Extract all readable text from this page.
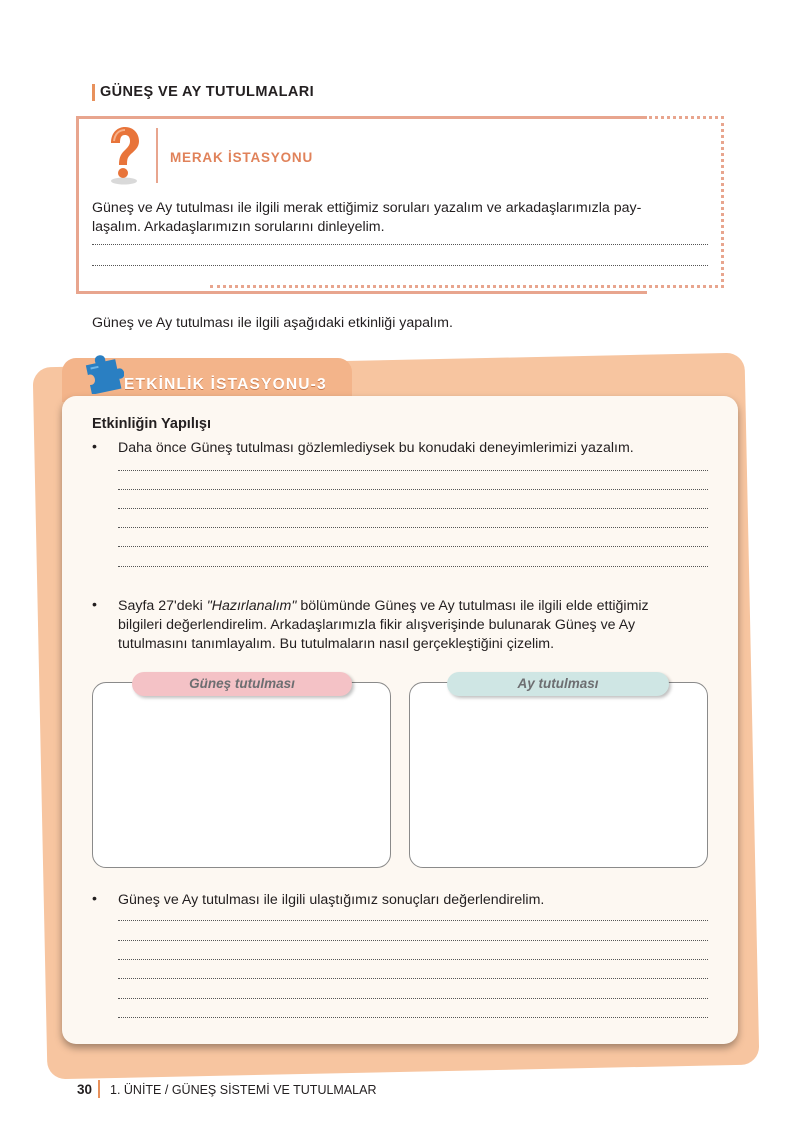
GÜNEŞ VE AY TUTULMALARI
MERAK İSTASYONU
Güneş ve Ay tutulması ile ilgili merak ettiğimiz soruları yazalım ve arkadaşlarımızla pay-
laşalım. Arkadaşlarımızın sorularını dinleyelim.
Güneş ve Ay tutulması ile ilgili aşağıdaki etkinliği yapalım.
ETKİNLİK İSTASYONU-3
Etkinliğin Yapılışı
• Daha önce Güneş tutulması gözlemlediysek bu konudaki deneyimlerimizi yazalım.
• Sayfa 27'deki "Hazırlanalım" bölümünde Güneş ve Ay tutulması ile ilgili elde ettiğimiz
bilgileri değerlendirelim. Arkadaşlarımızla fikir alışverişinde bulunarak Güneş ve Ay
tutulmasını tanımlayalım. Bu tutulmaların nasıl gerçekleştiğini çizelim.
Güneş tutulması	Ay tutulması
• Güneş ve Ay tutulması ile ilgili ulaştığımız sonuçları değerlendirelim.
30 1. ÜNİTE / GÜNEŞ SİSTEMİ VE TUTULMALAR
